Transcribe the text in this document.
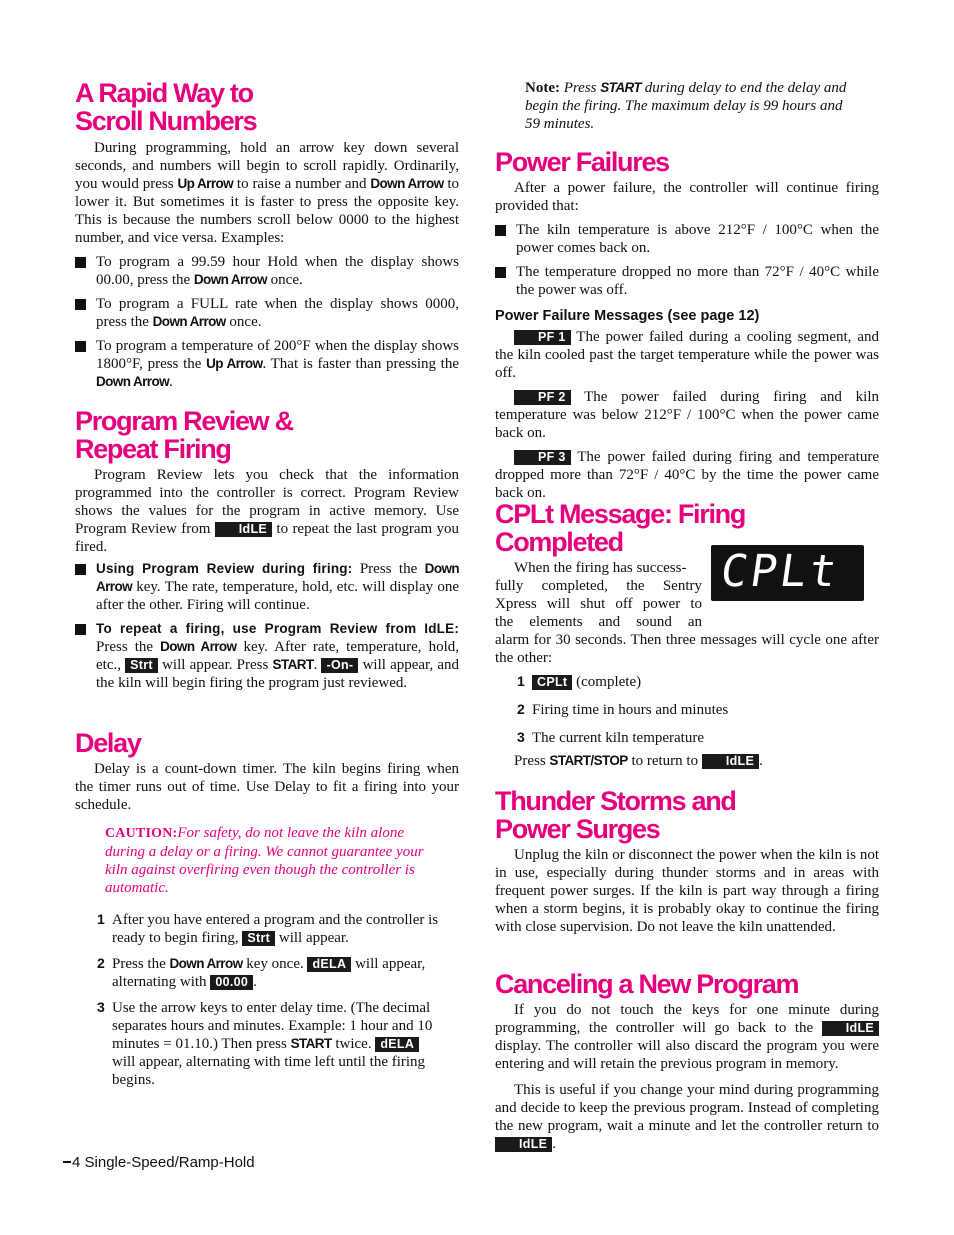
A Rapid Way to
Scroll Numbers

During programming, hold an arrow key down several seconds, and numbers will begin to scroll rapidly. Ordinarily, you would press Up Arrow to raise a number and Down Arrow to lower it. But sometimes it is faster to press the opposite key. This is because the numbers scroll below 0000 to the highest number, and vice versa. Examples:

To program a 99.59 hour Hold when the display shows 00.00, press the Down Arrow once.

To program a FULL rate when the display shows 0000, press the Down Arrow once.

To program a temperature of 200°F when the display shows 1800°F, press the Up Arrow. That is faster than pressing the Down Arrow.

Program Review &
Repeat Firing

Program Review lets you check that the information programmed into the controller is correct. Program Review shows the values for the program in active memory. Use Program Review from IdLE to repeat the last program you fired.

Using Program Review during firing: Press the Down Arrow key. The rate, temperature, hold, etc. will display one after the other. Firing will continue.

To repeat a firing, use Program Review from IdLE: Press the Down Arrow key. After rate, temperature, hold, etc., Strt will appear. Press START. -On- will appear, and the kiln will begin firing the program just reviewed.

Delay

Delay is a count-down timer. The kiln begins firing when the timer runs out of time. Use Delay to fit a firing into your schedule.

CAUTION:For safety, do not leave the kiln alone during a delay or a firing. We cannot guarantee your kiln against overfiring even though the controller is automatic.

1 After you have entered a program and the controller is ready to begin firing, Strt will appear.

2 Press the Down Arrow key once. dELA will appear, alternating with 00.00 .

3 Use the arrow keys to enter delay time. (The decimal separates hours and minutes. Example: 1 hour and 10 minutes = 01.10.) Then press START twice. dELA will appear, alternating with time left until the firing begins.

4 Single-Speed/Ramp-Hold

Note: Press START during delay to end the delay and begin the firing. The maximum delay is 99 hours and 59 minutes.

Power Failures

After a power failure, the controller will continue firing provided that:

The kiln temperature is above 212°F / 100°C when the power comes back on.

The temperature dropped no more than 72°F / 40°C while the power was off.

Power Failure Messages (see page 12)

PF 1 The power failed during a cooling segment, and the kiln cooled past the target temperature while the power was off.

PF 2 The power failed during firing and kiln temperature was below 212°F / 100°C when the power came back on.

PF 3 The power failed during firing and temperature dropped more than 72°F / 40°C by the time the power came back on.

CPLt Message: Firing
Completed

When the firing has success-

fully completed, the Sentry

Xpress will shut off power to

the elements and sound an

alarm for 30 seconds. Then three messages will cycle one after the other:

1 CPLt (complete)

2 Firing time in hours and minutes

3 The current kiln temperature

Press START/STOP to return to IdLE .

CPLt
Thunder Storms and
Power Surges

Unplug the kiln or disconnect the power when the kiln is not in use, especially during thunder storms and in areas with frequent power surges. If the kiln is part way through a firing when a storm begins, it is probably okay to continue the firing with close supervision. Do not leave the kiln unattended.

Canceling a New Program

If you do not touch the keys for one minute during programming, the controller will go back to the	IdLE display. The controller will also discard the program you were entering and will retain the previous program in memory.

This is useful if you change your mind during programming and decide to keep the previous program. Instead of completing the new program, wait a minute and let the controller return to IdLE .
